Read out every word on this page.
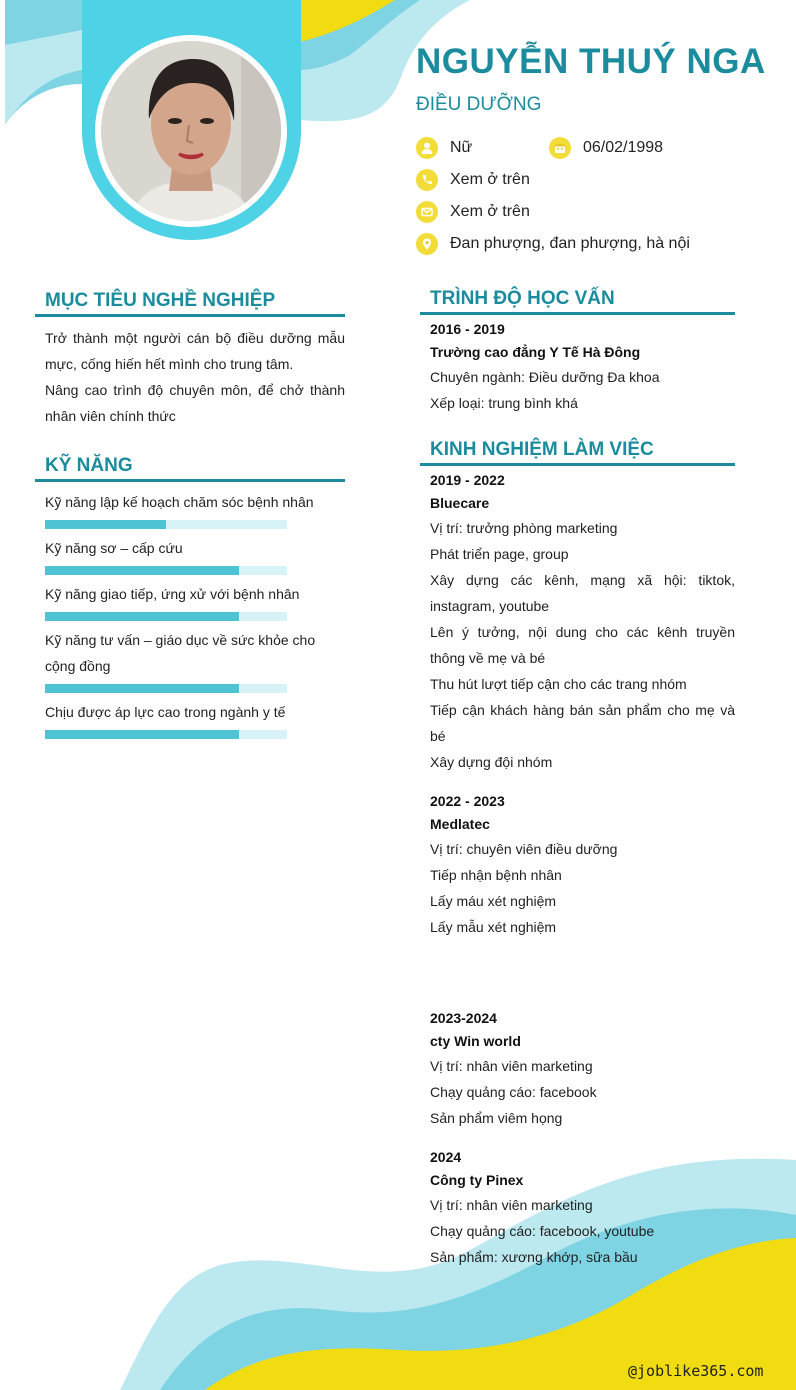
NGUYỄN THUÝ NGA
ĐIỀU DƯỠNG
Nữ	06/02/1998
Xem ở trên
Xem ở trên
Đan phượng, đan phượng, hà nội
MỤC TIÊU NGHỀ NGHIỆP
Trở thành một người cán bộ điều dưỡng mẫu mực, cống hiến hết mình cho trung tâm.
Nâng cao trình độ chuyên môn, để chở thành nhân viên chính thức
KỸ NĂNG
Kỹ năng lập kế hoạch chăm sóc bệnh nhân
Kỹ năng sơ – cấp cứu
Kỹ năng giao tiếp, ứng xử với bệnh nhân
Kỹ năng tư vấn – giáo dục về sức khỏe cho cộng đồng
Chịu được áp lực cao trong ngành y tế
TRÌNH ĐỘ HỌC VẤN
2016 - 2019
Trường cao đẳng Y Tế Hà Đông
Chuyên ngành: Điều dưỡng Đa khoa
Xếp loại: trung bình khá
KINH NGHIỆM LÀM VIỆC
2019 - 2022
Bluecare
Vị trí: trưởng phòng marketing
Phát triển page, group
Xây dựng các kênh, mạng xã hội: tiktok, instagram, youtube
Lên ý tưởng, nội dung cho các kênh truyền thông về mẹ và bé
Thu hút lượt tiếp cận cho các trang nhóm
Tiếp cận khách hàng bán sản phẩm cho mẹ và bé
Xây dựng đội nhóm
2022 - 2023
Medlatec
Vị trí: chuyên viên điều dưỡng
Tiếp nhận bệnh nhân
Lấy máu xét nghiệm
Lấy mẫu xét nghiệm
2023-2024
cty Win world
Vị trí: nhân viên marketing
Chạy quảng cáo: facebook
Sản phẩm viêm họng
2024
Công ty Pinex
Vị trí: nhân viên marketing
Chạy quảng cáo: facebook, youtube
Sản phẩm: xương khớp, sữa bầu
@joblike365.com
